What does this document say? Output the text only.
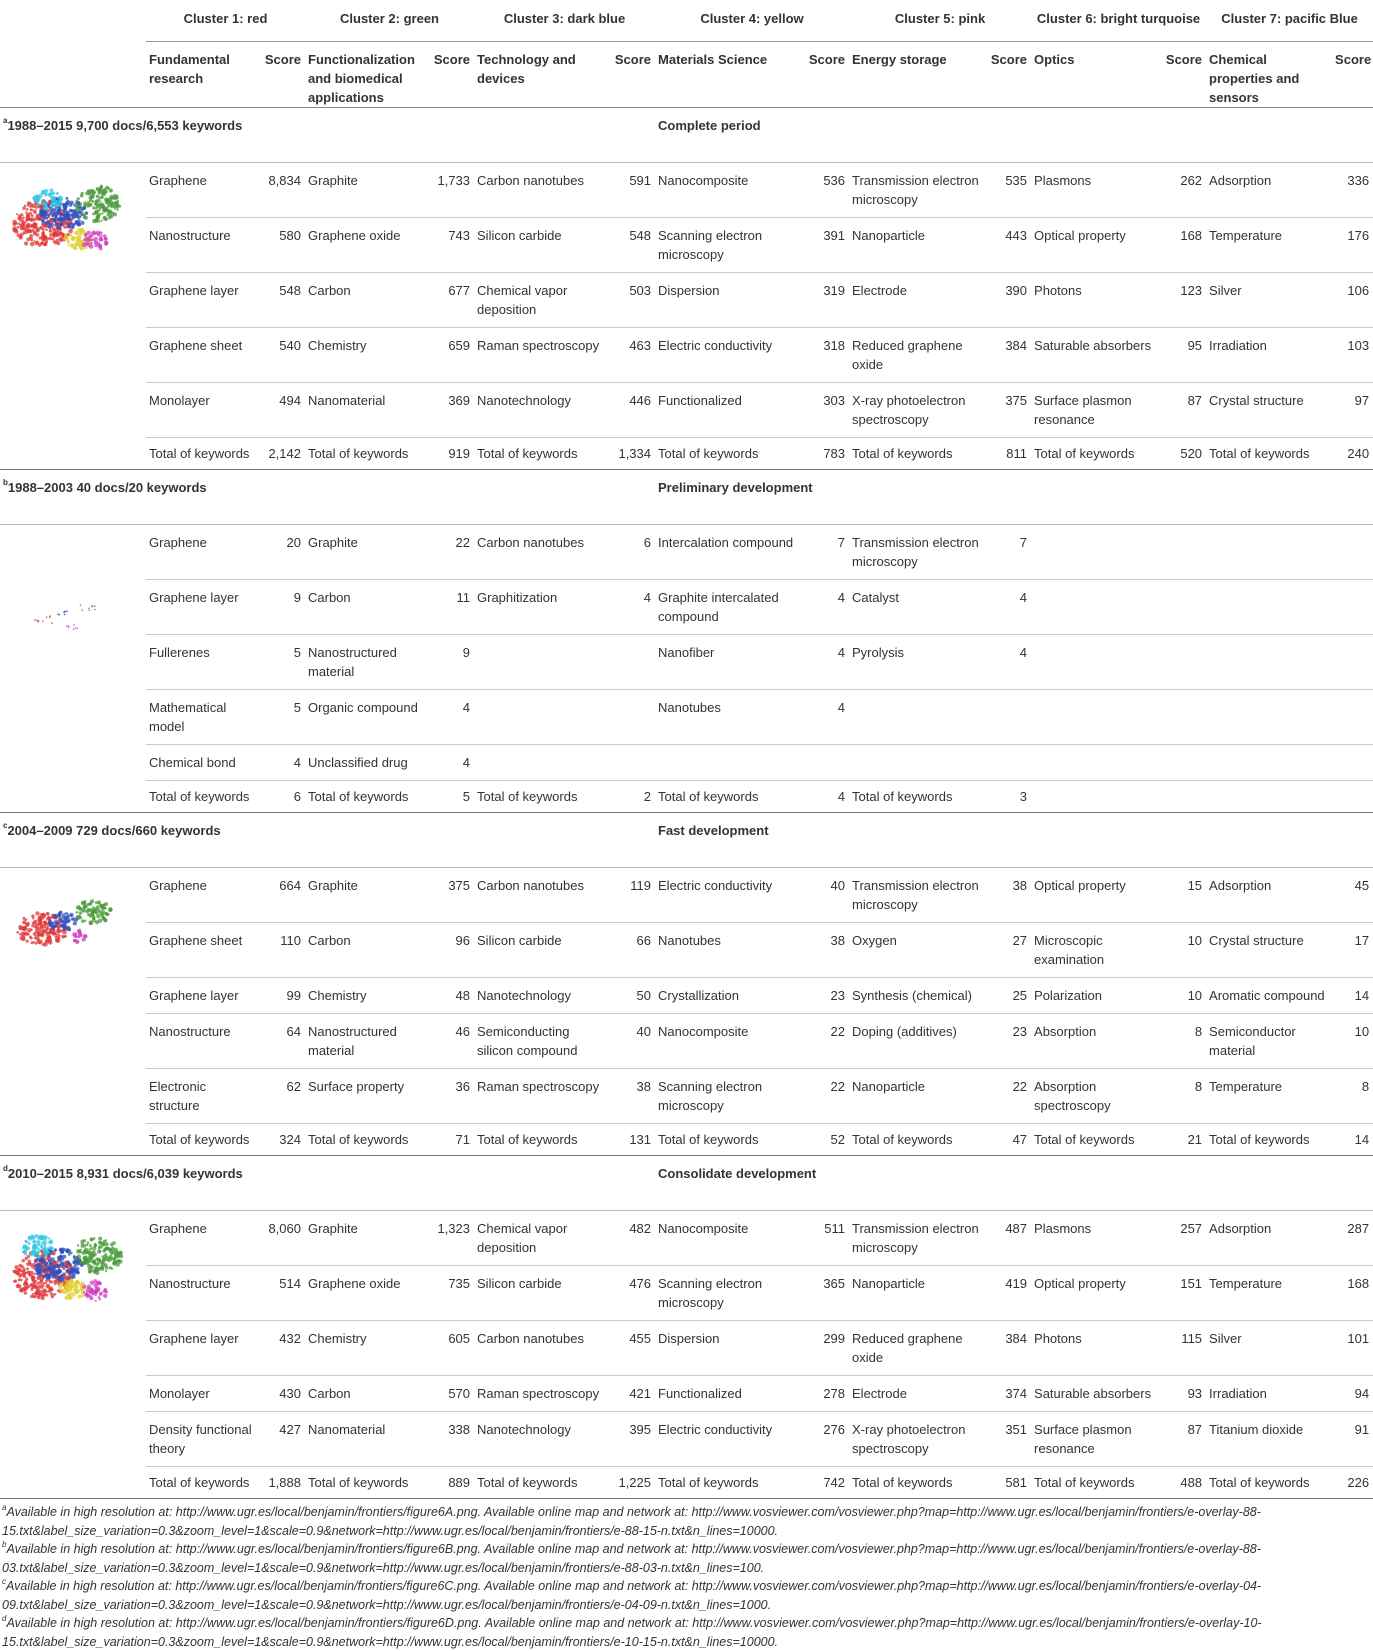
	Cluster 1: red		Cluster 2: green		Cluster 3: dark blue		Cluster 4: yellow		Cluster 5: pink		Cluster 6: bright turquoise		Cluster 7: pacific Blue	
	Fundamental research	Score	Functionalization and biomedical applications	Score	Technology and devices	Score	Materials Science	Score	Energy storage	Score	Optics	Score	Chemical properties and sensors	Score
$^a$1988–2015 9,700 docs/6,553 keywords							Complete period							

	Graphene	8,834	Graphite	1,733	Carbon nanotubes	591	Nanocomposite	536	Transmission electron microscopy	535	Plasmons	262	Adsorption	336
	Nanostructure	580	Graphene oxide	743	Silicon carbide	548	Scanning electron microscopy	391	Nanoparticle	443	Optical property	168	Temperature	176
	Graphene layer	548	Carbon	677	Chemical vapor deposition	503	Dispersion	319	Electrode	390	Photons	123	Silver	106
	Graphene sheet	540	Chemistry	659	Raman spectroscopy	463	Electric conductivity	318	Reduced graphene oxide	384	Saturable absorbers	95	Irradiation	103
	Monolayer	494	Nanomaterial	369	Nanotechnology	446	Functionalized	303	X-ray photoelectron spectroscopy	375	Surface plasmon resonance	87	Crystal structure	97
	Total of keywords	2,142	Total of keywords	919	Total of keywords	1,334	Total of keywords	783	Total of keywords	811	Total of keywords	520	Total of keywords	240
$^b$1988–2003 40 docs/20 keywords							Preliminary development							

	Graphene	20	Graphite	22	Carbon nanotubes	6	Intercalation compound	7	Transmission electron microscopy	7				
	Graphene layer	9	Carbon	11	Graphitization	4	Graphite intercalated compound	4	Catalyst	4				
	Fullerenes	5	Nanostructured material	9			Nanofiber	4	Pyrolysis	4				
	Mathematical model	5	Organic compound	4			Nanotubes	4						
	Chemical bond	4	Unclassified drug	4										
	Total of keywords	6	Total of keywords	5	Total of keywords	2	Total of keywords	4	Total of keywords	3				
$^c$2004–2009 729 docs/660 keywords							Fast development							

	Graphene	664	Graphite	375	Carbon nanotubes	119	Electric conductivity	40	Transmission electron microscopy	38	Optical property	15	Adsorption	45
	Graphene sheet	110	Carbon	96	Silicon carbide	66	Nanotubes	38	Oxygen	27	Microscopic examination	10	Crystal structure	17
	Graphene layer	99	Chemistry	48	Nanotechnology	50	Crystallization	23	Synthesis (chemical)	25	Polarization	10	Aromatic compound	14
	Nanostructure	64	Nanostructured material	46	Semiconducting silicon compound	40	Nanocomposite	22	Doping (additives)	23	Absorption	8	Semiconductor material	10
	Electronic structure	62	Surface property	36	Raman spectroscopy	38	Scanning electron microscopy	22	Nanoparticle	22	Absorption spectroscopy	8	Temperature	8
	Total of keywords	324	Total of keywords	71	Total of keywords	131	Total of keywords	52	Total of keywords	47	Total of keywords	21	Total of keywords	14
$^d$2010–2015 8,931 docs/6,039 keywords							Consolidate development							

	Graphene	8,060	Graphite	1,323	Chemical vapor deposition	482	Nanocomposite	511	Transmission electron microscopy	487	Plasmons	257	Adsorption	287
	Nanostructure	514	Graphene oxide	735	Silicon carbide	476	Scanning electron microscopy	365	Nanoparticle	419	Optical property	151	Temperature	168
	Graphene layer	432	Chemistry	605	Carbon nanotubes	455	Dispersion	299	Reduced graphene oxide	384	Photons	115	Silver	101
	Monolayer	430	Carbon	570	Raman spectroscopy	421	Functionalized	278	Electrode	374	Saturable absorbers	93	Irradiation	94
	Density functional theory	427	Nanomaterial	338	Nanotechnology	395	Electric conductivity	276	X-ray photoelectron spectroscopy	351	Surface plasmon resonance	87	Titanium dioxide	91
	Total of keywords	1,888	Total of keywords	889	Total of keywords	1,225	Total of keywords	742	Total of keywords	581	Total of keywords	488	Total of keywords	226

$^a$Available in high resolution at: http://www.ugr.es/local/benjamin/frontiers/figure6A.png. Available online map and network at: http://www.vosviewer.com/vosviewer.php?map=http://www.ugr.es/local/benjamin/frontiers/e-overlay-88-15.txt&label_size_variation=0.3&zoom_level=1&scale=0.9&network=http://www.ugr.es/local/benjamin/frontiers/e-88-15-n.txt&n_lines=10000.

$^b$Available in high resolution at: http://www.ugr.es/local/benjamin/frontiers/figure6B.png. Available online map and network at: http://www.vosviewer.com/vosviewer.php?map=http://www.ugr.es/local/benjamin/frontiers/e-overlay-88-03.txt&label_size_variation=0.3&zoom_level=1&scale=0.9&network=http://www.ugr.es/local/benjamin/frontiers/e-88-03-n.txt&n_lines=100.

$^c$Available in high resolution at: http://www.ugr.es/local/benjamin/frontiers/figure6C.png. Available online map and network at: http://www.vosviewer.com/vosviewer.php?map=http://www.ugr.es/local/benjamin/frontiers/e-overlay-04-09.txt&label_size_variation=0.3&zoom_level=1&scale=0.9&network=http://www.ugr.es/local/benjamin/frontiers/e-04-09-n.txt&n_lines=1000.

$^d$Available in high resolution at: http://www.ugr.es/local/benjamin/frontiers/figure6D.png. Available online map and network at: http://www.vosviewer.com/vosviewer.php?map=http://www.ugr.es/local/benjamin/frontiers/e-overlay-10-15.txt&label_size_variation=0.3&zoom_level=1&scale=0.9&network=http://www.ugr.es/local/benjamin/frontiers/e-10-15-n.txt&n_lines=10000.
